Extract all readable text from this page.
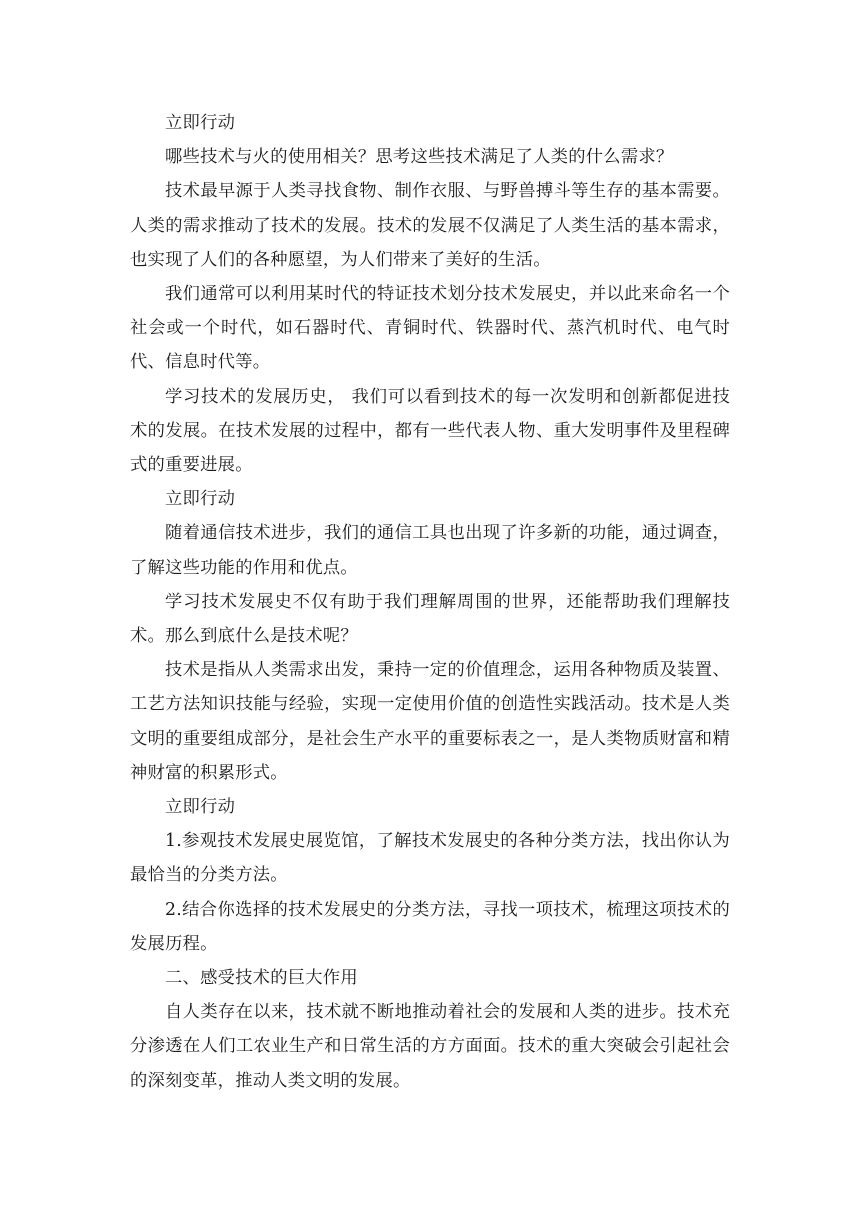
立即行动

哪些技术与火的使用相关？思考这些技术满足了人类的什么需求？

技术最早源于人类寻找食物、制作衣服、与野兽搏斗等生存的基本需要。人类的需求推动了技术的发展。技术的发展不仅满足了人类生活的基本需求，也实现了人们的各种愿望，为人们带来了美好的生活。

我们通常可以利用某时代的特证技术划分技术发展史，并以此来命名一个社会或一个时代，如石器时代、青铜时代、铁器时代、蒸汽机时代、电气时代、信息时代等。

学习技术的发展历史， 我们可以看到技术的每一次发明和创新都促进技术的发展。在技术发展的过程中，都有一些代表人物、重大发明事件及里程碑式的重要进展。

立即行动

随着通信技术进步，我们的通信工具也出现了许多新的功能，通过调查，了解这些功能的作用和优点。

学习技术发展史不仅有助于我们理解周围的世界，还能帮助我们理解技术。那么到底什么是技术呢？

技术是指从人类需求出发，秉持一定的价值理念，运用各种物质及装置、工艺方法知识技能与经验，实现一定使用价值的创造性实践活动。技术是人类文明的重要组成部分，是社会生产水平的重要标表之一，是人类物质财富和精神财富的积累形式。

立即行动

1.参观技术发展史展览馆，了解技术发展史的各种分类方法，找出你认为最恰当的分类方法。

2.结合你选择的技术发展史的分类方法，寻找一项技术，梳理这项技术的发展历程。

二、感受技术的巨大作用

自人类存在以来，技术就不断地推动着社会的发展和人类的进步。技术充分渗透在人们工农业生产和日常生活的方方面面。技术的重大突破会引起社会的深刻变革，推动人类文明的发展。
